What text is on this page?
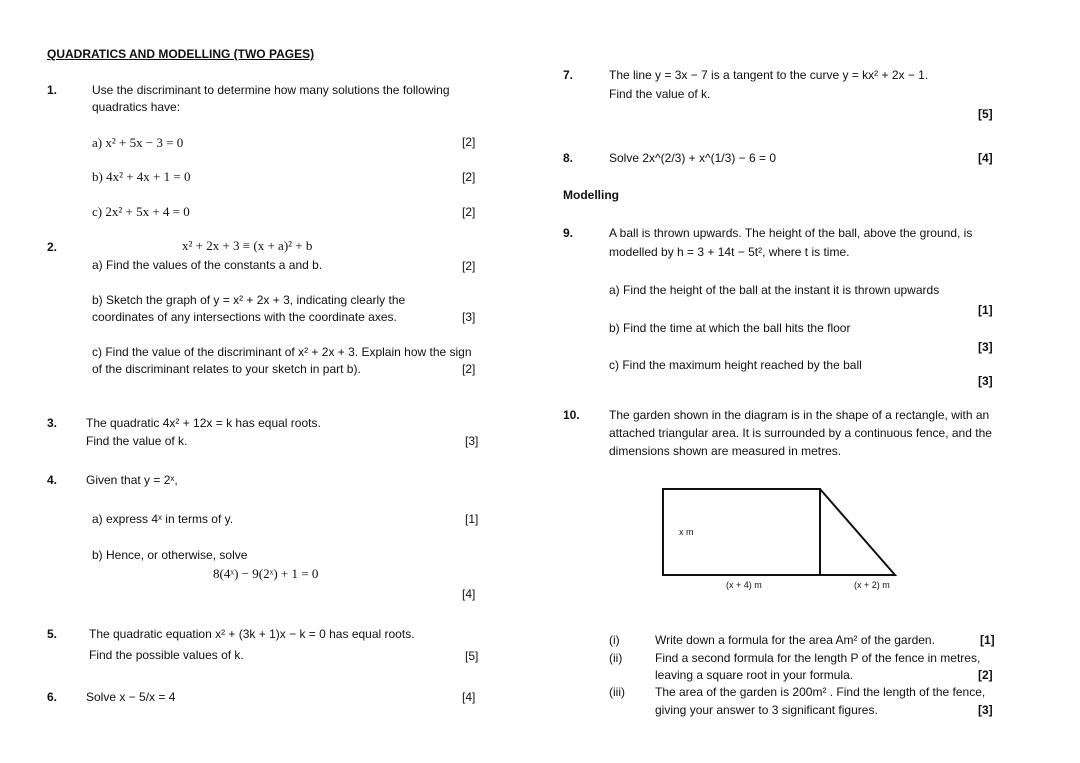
QUADRATICS AND MODELLING (TWO PAGES)
1.	Use the discriminant to determine how many solutions the following
quadratics have:
a) x² + 5x − 3 = 0	[2]
b) 4x² + 4x + 1 = 0	[2]
c) 2x² + 5x + 4 = 0	[2]
2.	x² + 2x + 3 ≡ (x + a)² + b
a) Find the values of the constants a and b.	[2]
b) Sketch the graph of y = x² + 2x + 3, indicating clearly the
coordinates of any intersections with the coordinate axes.	[3]
c) Find the value of the discriminant of x² + 2x + 3. Explain how the sign
of the discriminant relates to your sketch in part b).	[2]
3. The quadratic 4x² + 12x = k has equal roots.
Find the value of k.	[3]
4. Given that y = 2ˣ,
a) express 4ˣ in terms of y.	[1]
b) Hence, or otherwise, solve
8(4ˣ) − 9(2ˣ) + 1 = 0
[4]
5.	The quadratic equation x² + (3k + 1)x − k = 0 has equal roots.
Find the possible values of k.	[5]
6. Solve x − 5/x = 4	[4]
7.	The line y = 3x − 7 is a tangent to the curve y = kx² + 2x − 1.
Find the value of k.
[5]
8.	Solve 2x^(2/3) + x^(1/3) − 6 = 0	[4]
Modelling
9.	A ball is thrown upwards. The height of the ball, above the ground, is
modelled by h = 3 + 14t − 5t², where t is time.
a) Find the height of the ball at the instant it is thrown upwards
[1]
b) Find the time at which the ball hits the floor
[3]
c) Find the maximum height reached by the ball
[3]
10. The garden shown in the diagram is in the shape of a rectangle, with an
attached triangular area. It is surrounded by a continuous fence, and the
dimensions shown are measured in metres.
x m
(x + 4) m	(x + 2) m
(i)	Write down a formula for the area Am² of the garden.	[1]
(ii)	Find a second formula for the length P of the fence in metres,
leaving a square root in your formula.	[2]
(iii)	The area of the garden is 200m² . Find the length of the fence,
giving your answer to 3 significant figures.	[3]
